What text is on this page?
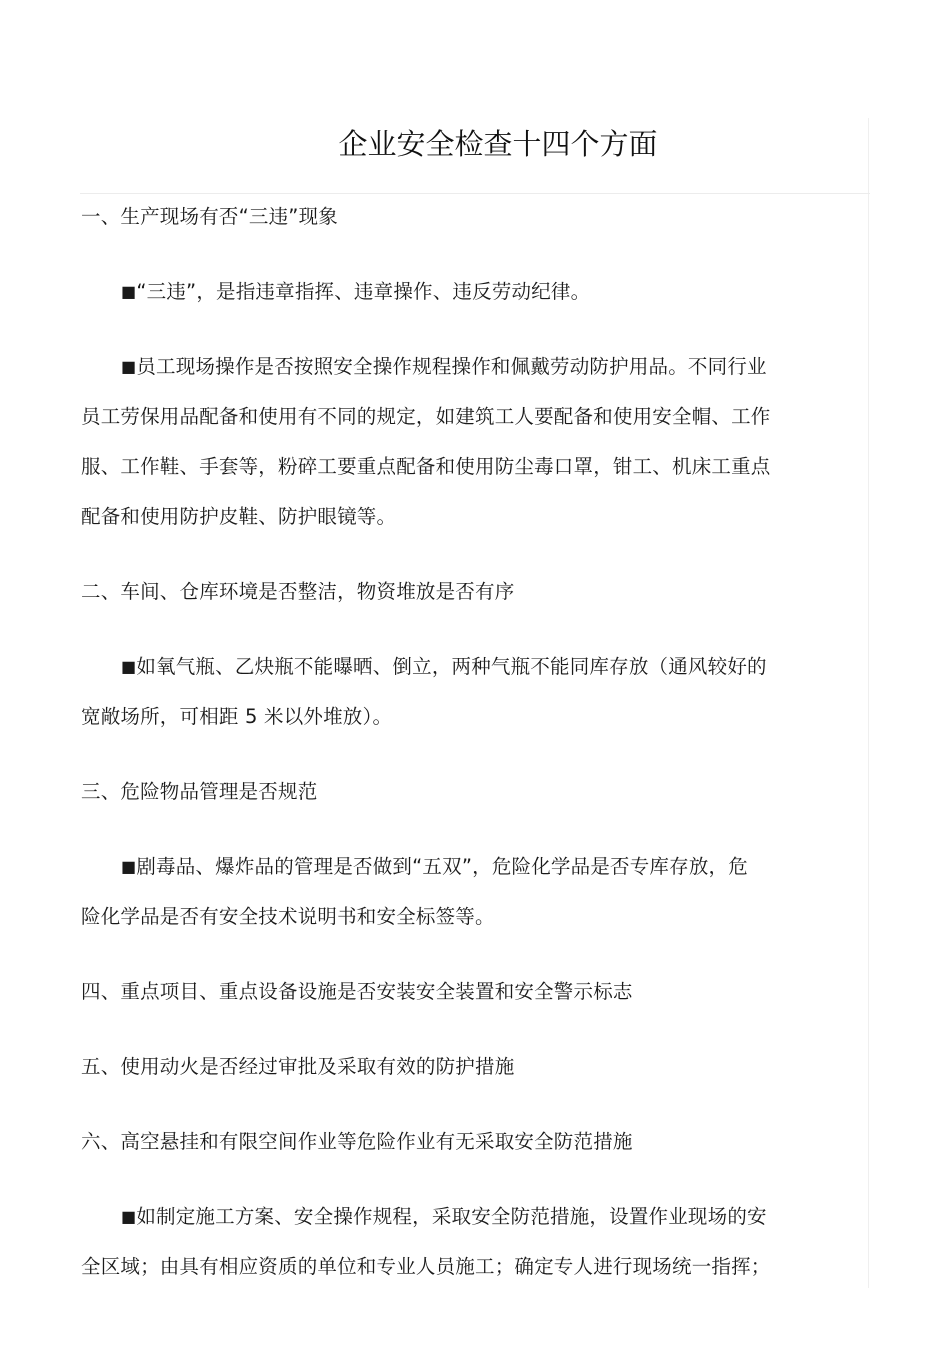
企业安全检查十四个方面
一、生产现场有否“三违”现象
■“三违”，是指违章指挥、违章操作、违反劳动纪律。
■员工现场操作是否按照安全操作规程操作和佩戴劳动防护用品。不同行业
员工劳保用品配备和使用有不同的规定，如建筑工人要配备和使用安全帽、工作
服、工作鞋、手套等，粉碎工要重点配备和使用防尘毒口罩，钳工、机床工重点
配备和使用防护皮鞋、防护眼镜等。
二、车间、仓库环境是否整洁，物资堆放是否有序
■如氧气瓶、乙炔瓶不能曝晒、倒立，两种气瓶不能同库存放（通风较好的
宽敞场所，可相距 5 米以外堆放）。
三、危险物品管理是否规范
■剧毒品、爆炸品的管理是否做到“五双”，危险化学品是否专库存放，危
险化学品是否有安全技术说明书和安全标签等。
四、重点项目、重点设备设施是否安装安全装置和安全警示标志
五、使用动火是否经过审批及采取有效的防护措施
六、高空悬挂和有限空间作业等危险作业有无采取安全防范措施
■如制定施工方案、安全操作规程，采取安全防范措施，设置作业现场的安
全区域；由具有相应资质的单位和专业人员施工；确定专人进行现场统一指挥；
